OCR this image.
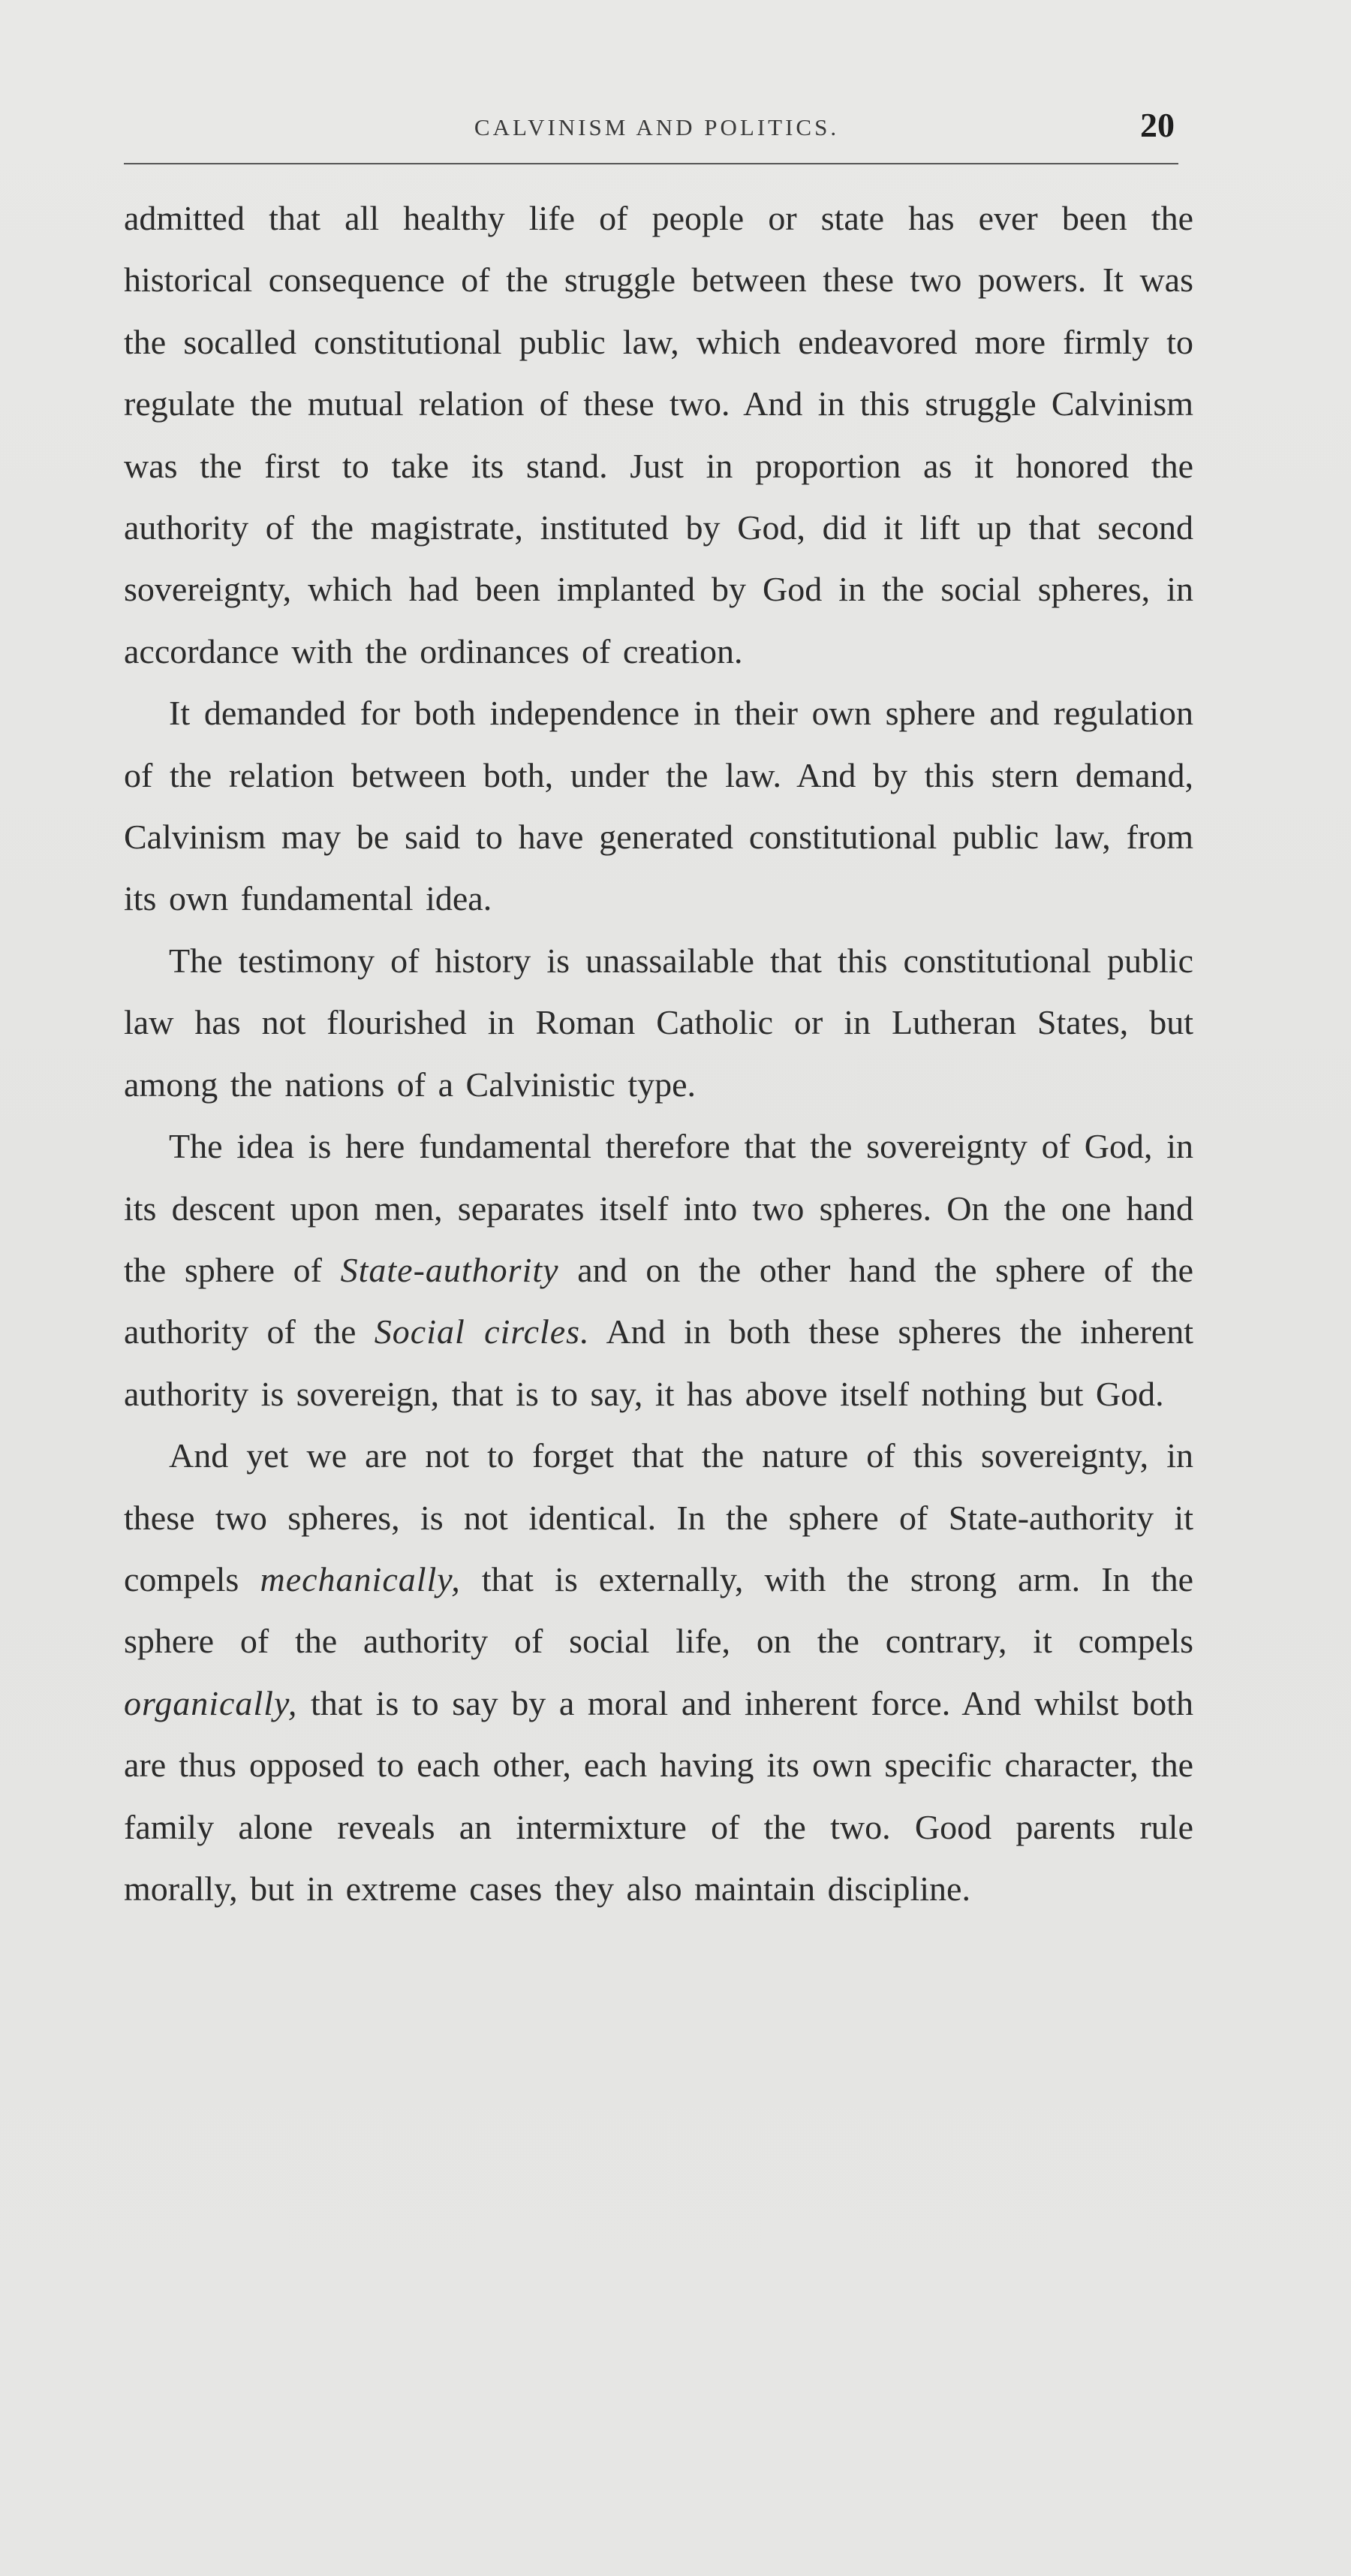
CALVINISM AND POLITICS.	20

admitted that all healthy life of people or state has ever been the historical consequence of the struggle between these two powers. It was the socalled constitutional public law, which endeavored more firmly to regulate the mutual relation of these two. And in this struggle Calvinism was the first to take its stand. Just in proportion as it honored the authority of the magistrate, instituted by God, did it lift up that second sovereignty, which had been implanted by God in the social spheres, in accordance with the ordinances of creation.

It demanded for both independence in their own sphere and regulation of the relation between both, under the law. And by this stern demand, Calvinism may be said to have generated constitutional public law, from its own fundamental idea.

The testimony of history is unassailable that this constitutional public law has not flourished in Roman Catholic or in Lutheran States, but among the nations of a Calvinistic type.

The idea is here fundamental therefore that the sovereignty of God, in its descent upon men, separates itself into two spheres. On the one hand the sphere of State-authority and on the other hand the sphere of the authority of the Social circles. And in both these spheres the inherent authority is sovereign, that is to say, it has above itself nothing but God.

And yet we are not to forget that the nature of this sovereignty, in these two spheres, is not identical. In the sphere of State-authority it compels mechanically, that is externally, with the strong arm. In the sphere of the authority of social life, on the contrary, it compels organically, that is to say by a moral and inherent force. And whilst both are thus opposed to each other, each having its own specific character, the family alone reveals an intermixture of the two. Good parents rule morally, but in extreme cases they also maintain discipline.
